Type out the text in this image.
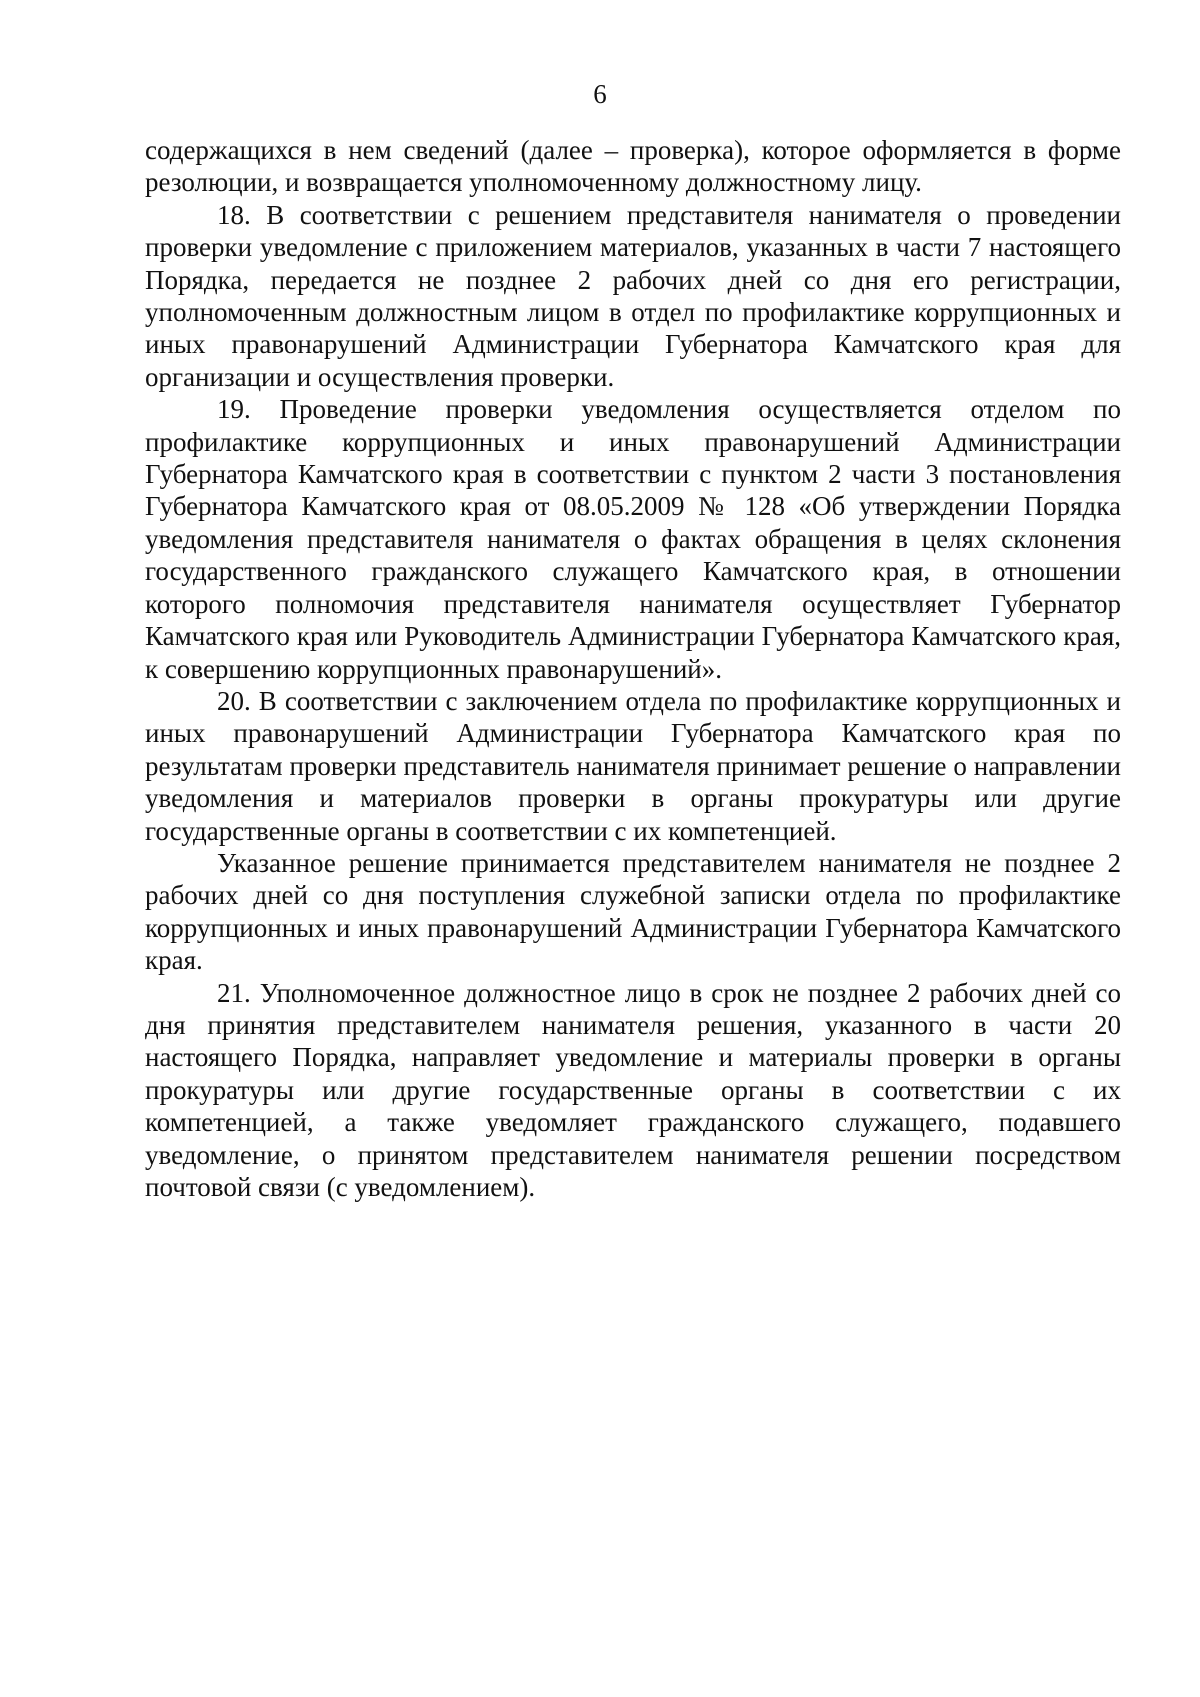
6

содержащихся в нем сведений (далее – проверка), которое оформляется в форме резолюции, и возвращается уполномоченному должностному лицу.

18. В соответствии с решением представителя нанимателя о проведении проверки уведомление с приложением материалов, указанных в части 7 настоящего Порядка, передается не позднее 2 рабочих дней со дня его регистрации, уполномоченным должностным лицом в отдел по профилактике коррупционных и иных правонарушений Администрации Губернатора Камчатского края для организации и осуществления проверки.

19. Проведение проверки уведомления осуществляется отделом по профилактике коррупционных и иных правонарушений Администрации Губернатора Камчатского края в соответствии с пунктом 2 части 3 постановления Губернатора Камчатского края от 08.05.2009 № 128 «Об утверждении Порядка уведомления представителя нанимателя о фактах обращения в целях склонения государственного гражданского служащего Камчатского края, в отношении которого полномочия представителя нанимателя осуществляет Губернатор Камчатского края или Руководитель Администрации Губернатора Камчатского края, к совершению коррупционных правонарушений».

20. В соответствии с заключением отдела по профилактике коррупционных и иных правонарушений Администрации Губернатора Камчатского края по результатам проверки представитель нанимателя принимает решение о направлении уведомления и материалов проверки в органы прокуратуры или другие государственные органы в соответствии с их компетенцией.

Указанное решение принимается представителем нанимателя не позднее 2 рабочих дней со дня поступления служебной записки отдела по профилактике коррупционных и иных правонарушений Администрации Губернатора Камчатского края.

21. Уполномоченное должностное лицо в срок не позднее 2 рабочих дней со дня принятия представителем нанимателя решения, указанного в части 20 настоящего Порядка, направляет уведомление и материалы проверки в органы прокуратуры или другие государственные органы в соответствии с их компетенцией, а также уведомляет гражданского служащего, подавшего уведомление, о принятом представителем нанимателя решении посредством почтовой связи (с уведомлением).
